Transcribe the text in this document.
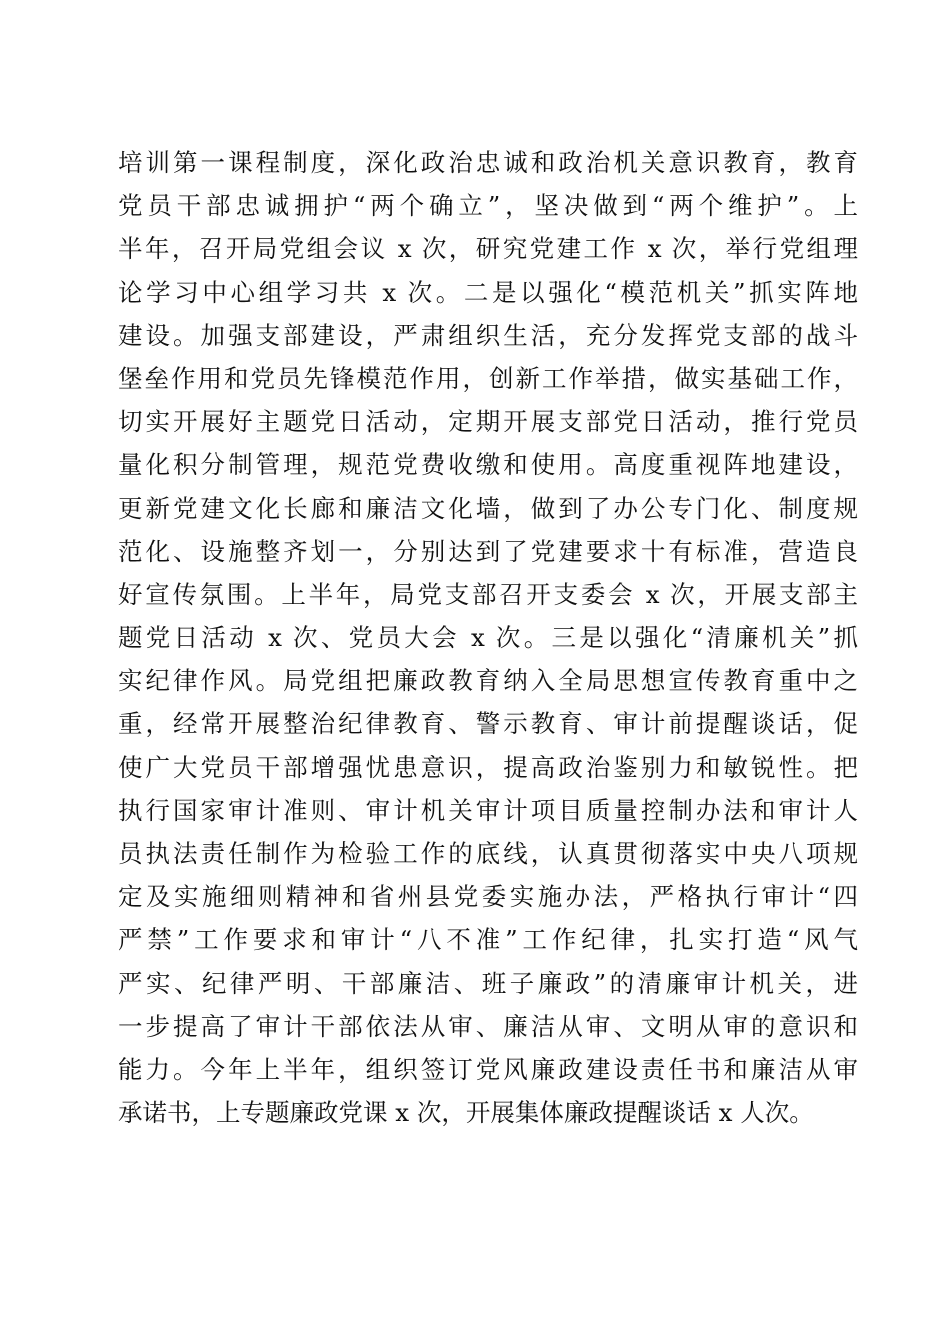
培训第一课程制度，深化政治忠诚和政治机关意识教育，教育
党员干部忠诚拥护“两个确立”，坚决做到“两个维护”。上
半年，召开局党组会议 x 次，研究党建工作 x 次，举行党组理
论学习中心组学习共 x 次。二是以强化“模范机关”抓实阵地
建设。加强支部建设，严肃组织生活，充分发挥党支部的战斗
堡垒作用和党员先锋模范作用，创新工作举措，做实基础工作，
切实开展好主题党日活动，定期开展支部党日活动，推行党员
量化积分制管理，规范党费收缴和使用。高度重视阵地建设，
更新党建文化长廊和廉洁文化墙，做到了办公专门化、制度规
范化、设施整齐划一，分别达到了党建要求十有标准，营造良
好宣传氛围。上半年，局党支部召开支委会 x 次，开展支部主
题党日活动 x 次、党员大会 x 次。三是以强化“清廉机关”抓
实纪律作风。局党组把廉政教育纳入全局思想宣传教育重中之
重，经常开展整治纪律教育、警示教育、审计前提醒谈话，促
使广大党员干部增强忧患意识，提高政治鉴别力和敏锐性。把
执行国家审计准则、审计机关审计项目质量控制办法和审计人
员执法责任制作为检验工作的底线，认真贯彻落实中央八项规
定及实施细则精神和省州县党委实施办法，严格执行审计“四
严禁”工作要求和审计“八不准”工作纪律，扎实打造“风气
严实、纪律严明、干部廉洁、班子廉政”的清廉审计机关，进
一步提高了审计干部依法从审、廉洁从审、文明从审的意识和
能力。今年上半年，组织签订党风廉政建设责任书和廉洁从审
承诺书，上专题廉政党课 x 次，开展集体廉政提醒谈话 x 人次。
